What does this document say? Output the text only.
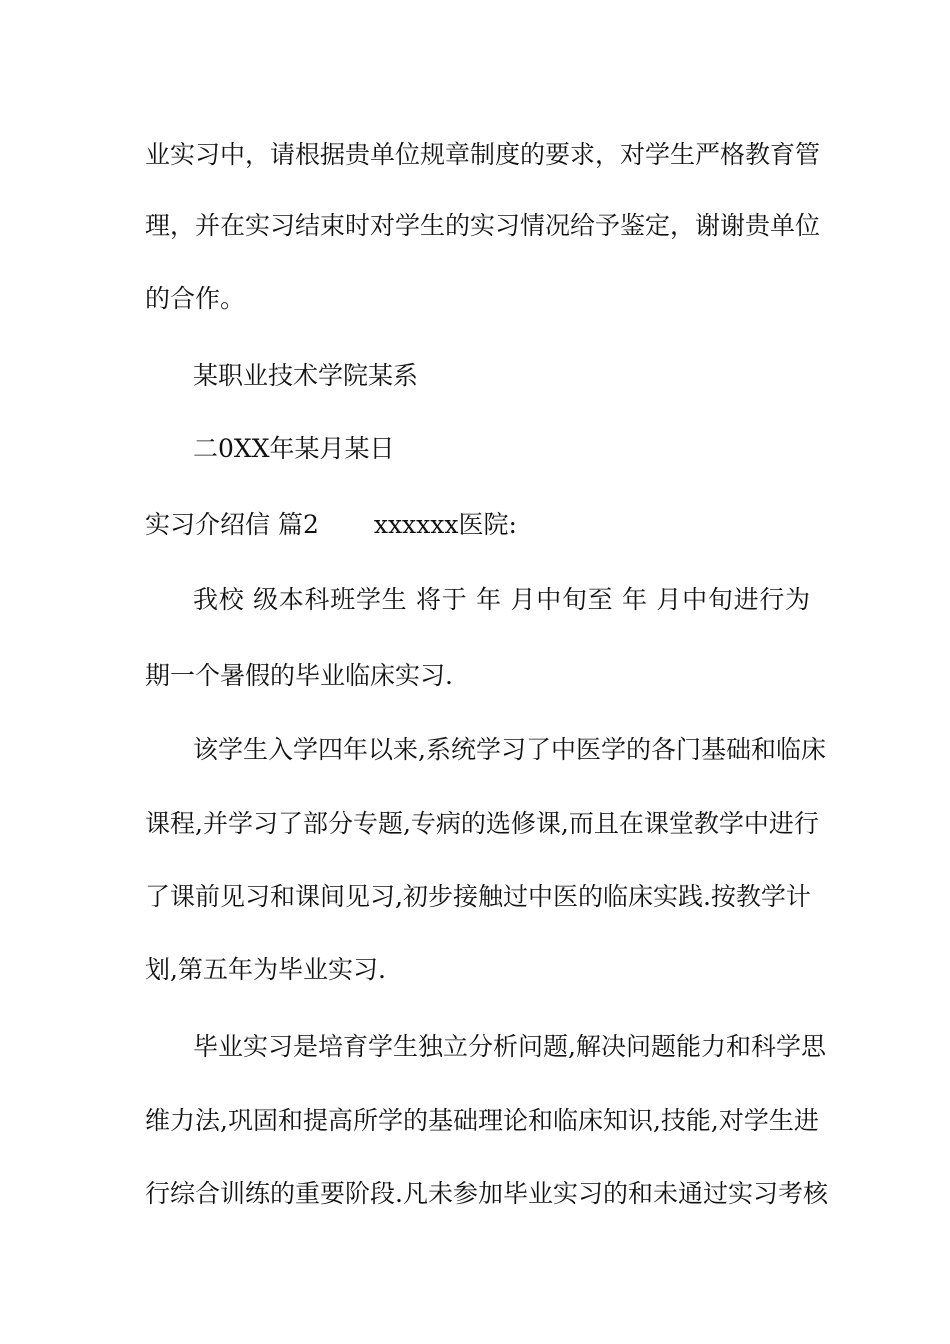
业实习中，请根据贵单位规章制度的要求，对学生严格教育管
理，并在实习结束时对学生的实习情况给予鉴定，谢谢贵单位
的合作。
某职业技术学院某系
二0XX年某月某日
实习介绍信 篇2 xxxxxx医院:
我校 级本科班学生 将于 年 月中旬至 年 月中旬进行为
期一个暑假的毕业临床实习.
该学生入学四年以来,系统学习了中医学的各门基础和临床
课程,并学习了部分专题,专病的选修课,而且在课堂教学中进行
了课前见习和课间见习,初步接触过中医的临床实践.按教学计
划,第五年为毕业实习.
毕业实习是培育学生独立分析问题,解决问题能力和科学思
维力法,巩固和提高所学的基础理论和临床知识,技能,对学生进
行综合训练的重要阶段.凡未参加毕业实习的和未通过实习考核
